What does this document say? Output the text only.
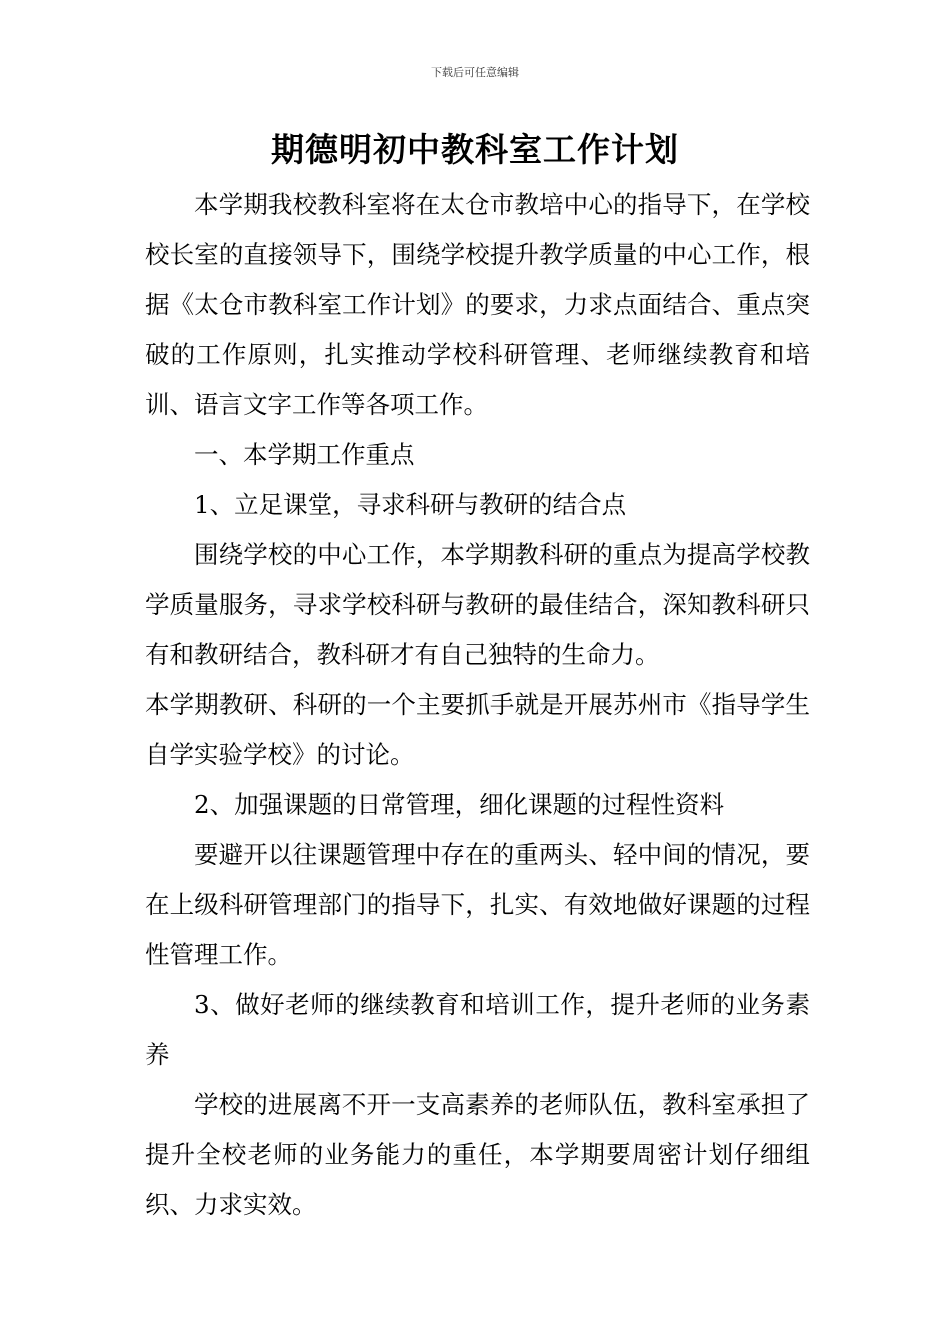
下载后可任意编辑
期德明初中教科室工作计划

本学期我校教科室将在太仓市教培中心的指导下，在学校校长室的直接领导下，围绕学校提升教学质量的中心工作，根据《太仓市教科室工作计划》的要求，力求点面结合、重点突破的工作原则，扎实推动学校科研管理、老师继续教育和培训、语言文字工作等各项工作。

一、本学期工作重点

1、立足课堂，寻求科研与教研的结合点

围绕学校的中心工作，本学期教科研的重点为提高学校教学质量服务，寻求学校科研与教研的最佳结合，深知教科研只有和教研结合，教科研才有自己独特的生命力。

本学期教研、科研的一个主要抓手就是开展苏州市《指导学生自学实验学校》的讨论。

2、加强课题的日常管理，细化课题的过程性资料

要避开以往课题管理中存在的重两头、轻中间的情况，要在上级科研管理部门的指导下，扎实、有效地做好课题的过程性管理工作。

3、做好老师的继续教育和培训工作，提升老师的业务素养

学校的进展离不开一支高素养的老师队伍，教科室承担了提升全校老师的业务能力的重任，本学期要周密计划仔细组织、力求实效。
